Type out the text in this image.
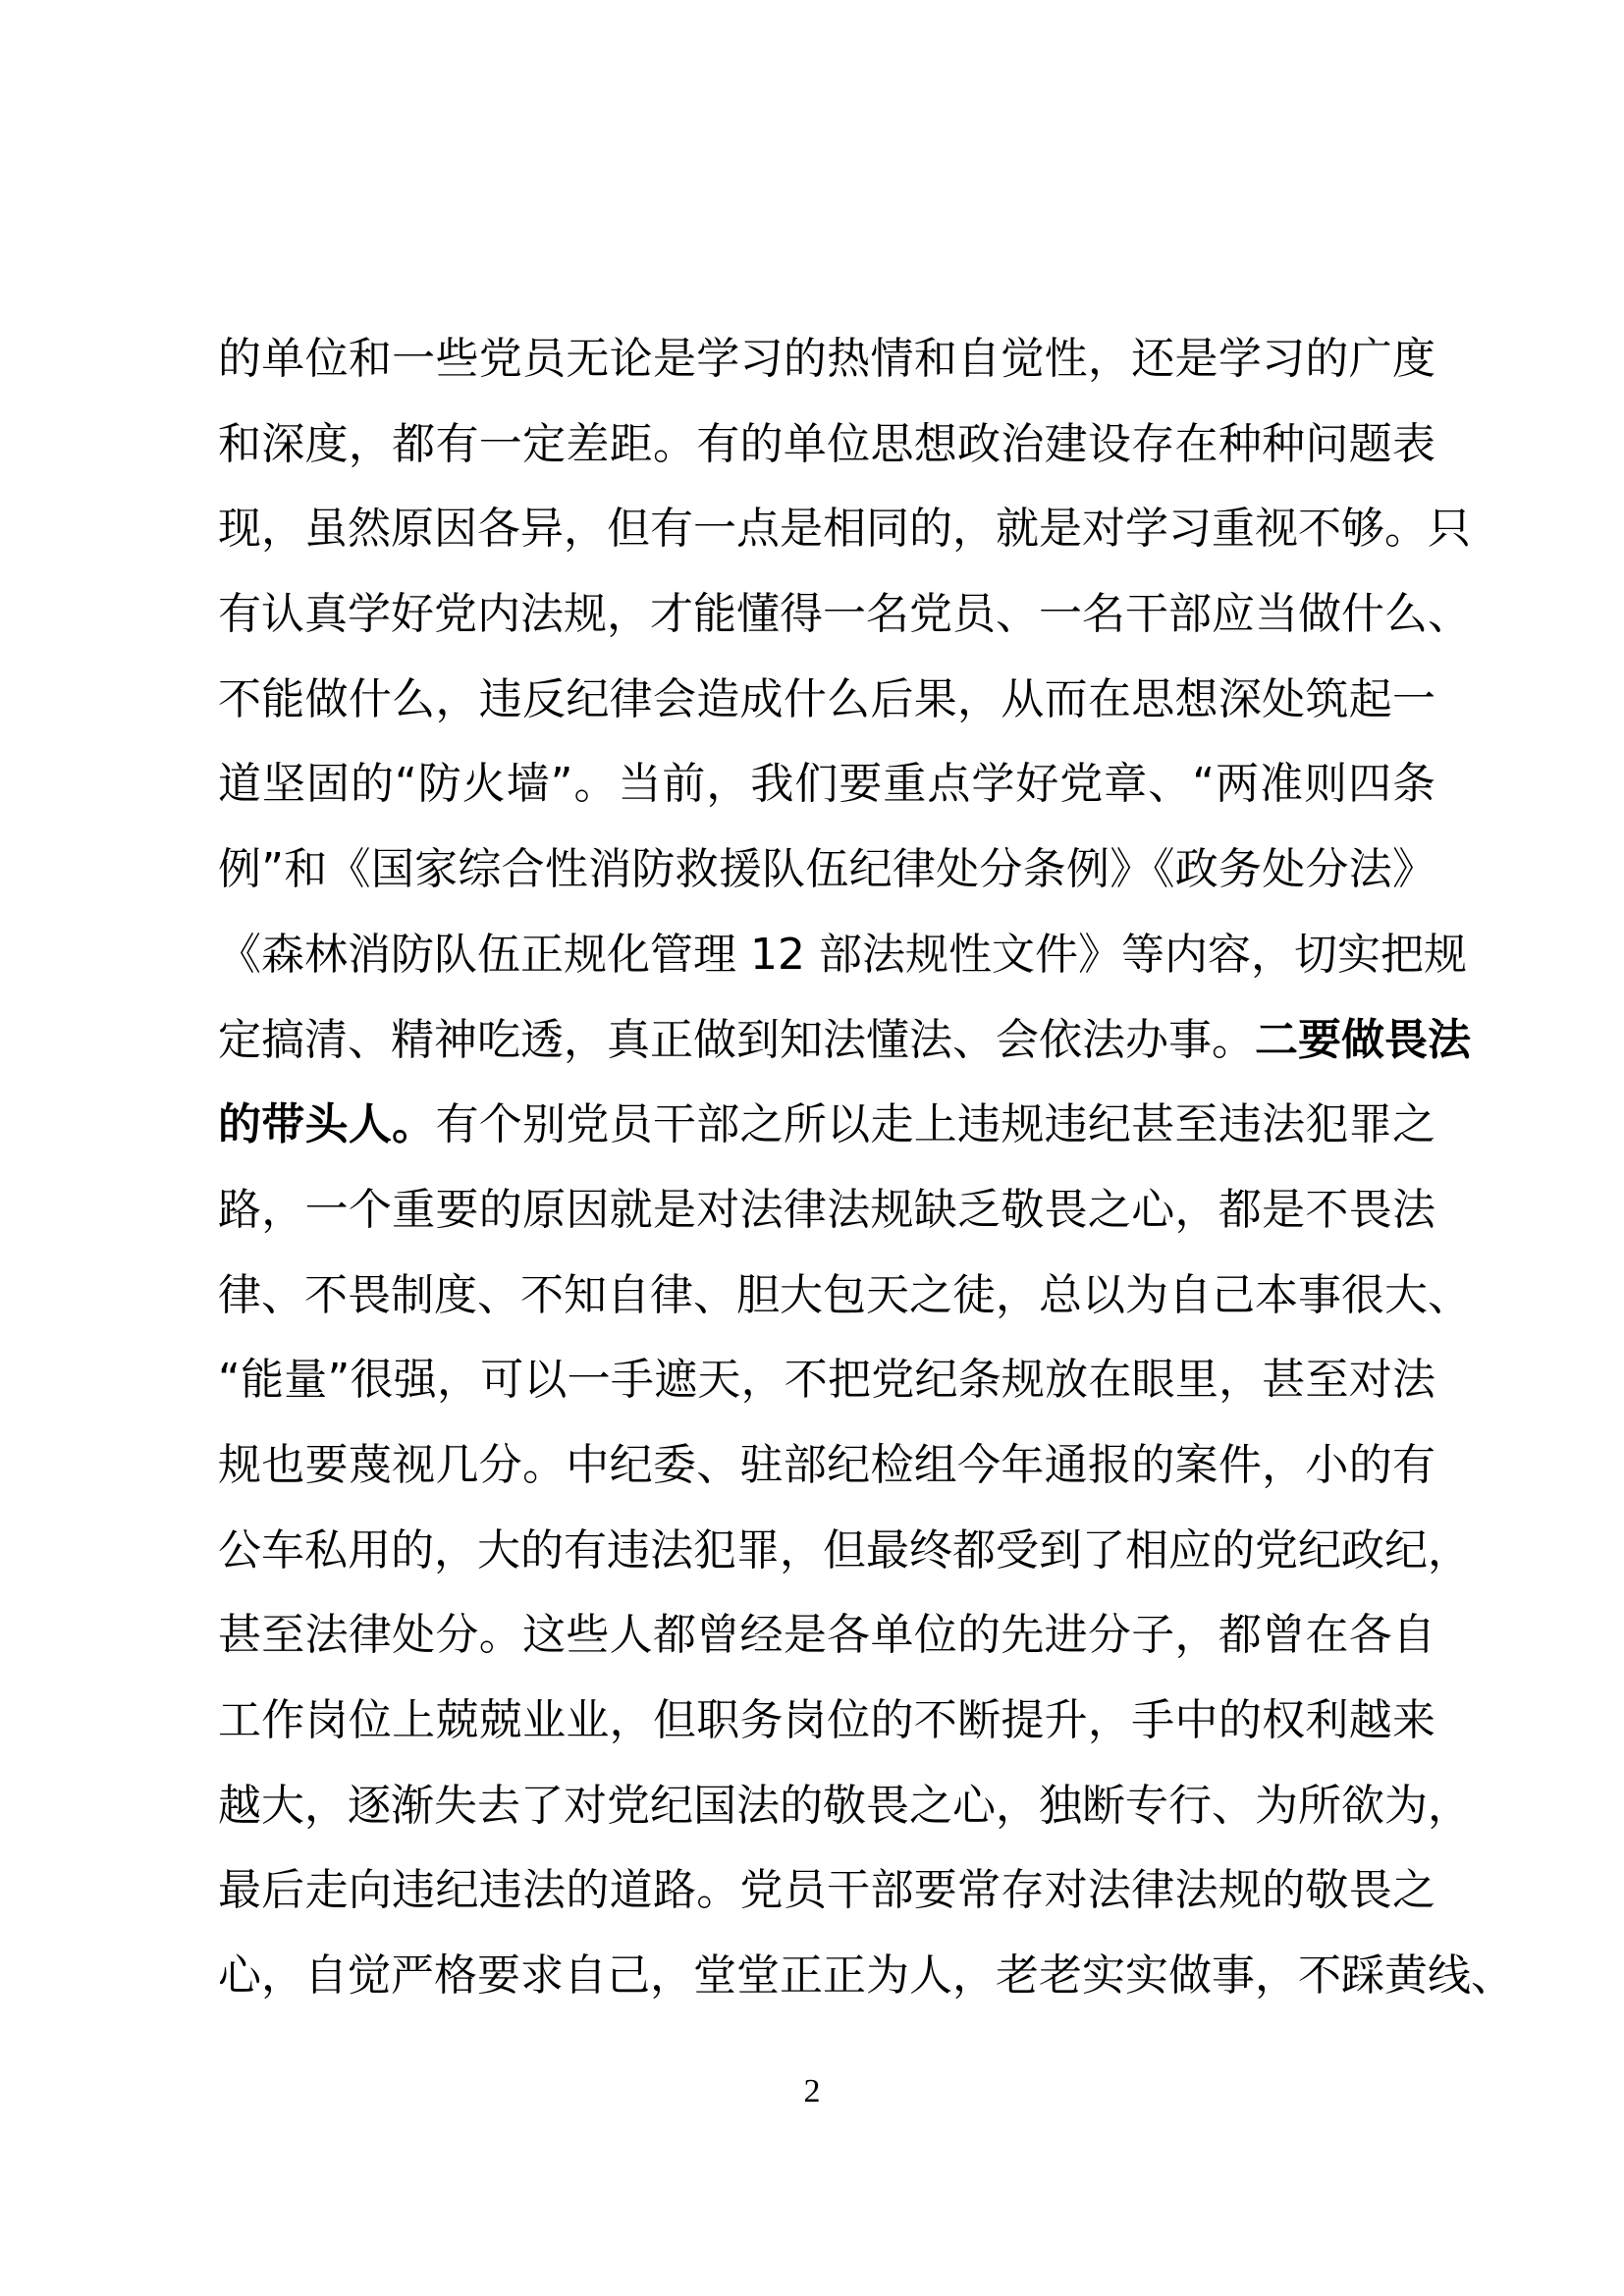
的单位和一些党员无论是学习的热情和自觉性，还是学习的广度
和深度，都有一定差距。有的单位思想政治建设存在种种问题表
现，虽然原因各异，但有一点是相同的，就是对学习重视不够。只
有认真学好党内法规，才能懂得一名党员、一名干部应当做什么、
不能做什么，违反纪律会造成什么后果，从而在思想深处筑起一
道坚固的“防火墙”。当前，我们要重点学好党章、“两准则四条
例”和《国家综合性消防救援队伍纪律处分条例》《政务处分法》
《森林消防队伍正规化管理 12 部法规性文件》等内容，切实把规
定搞清、精神吃透，真正做到知法懂法、会依法办事。二要做畏法
的带头人。有个别党员干部之所以走上违规违纪甚至违法犯罪之
路，一个重要的原因就是对法律法规缺乏敬畏之心，都是不畏法
律、不畏制度、不知自律、胆大包天之徒，总以为自己本事很大、
“能量”很强，可以一手遮天，不把党纪条规放在眼里，甚至对法
规也要蔑视几分。中纪委、驻部纪检组今年通报的案件，小的有
公车私用的，大的有违法犯罪，但最终都受到了相应的党纪政纪，
甚至法律处分。这些人都曾经是各单位的先进分子，都曾在各自
工作岗位上兢兢业业，但职务岗位的不断提升，手中的权利越来
越大，逐渐失去了对党纪国法的敬畏之心，独断专行、为所欲为，
最后走向违纪违法的道路。党员干部要常存对法律法规的敬畏之
心，自觉严格要求自己，堂堂正正为人，老老实实做事，不踩黄线、
2
